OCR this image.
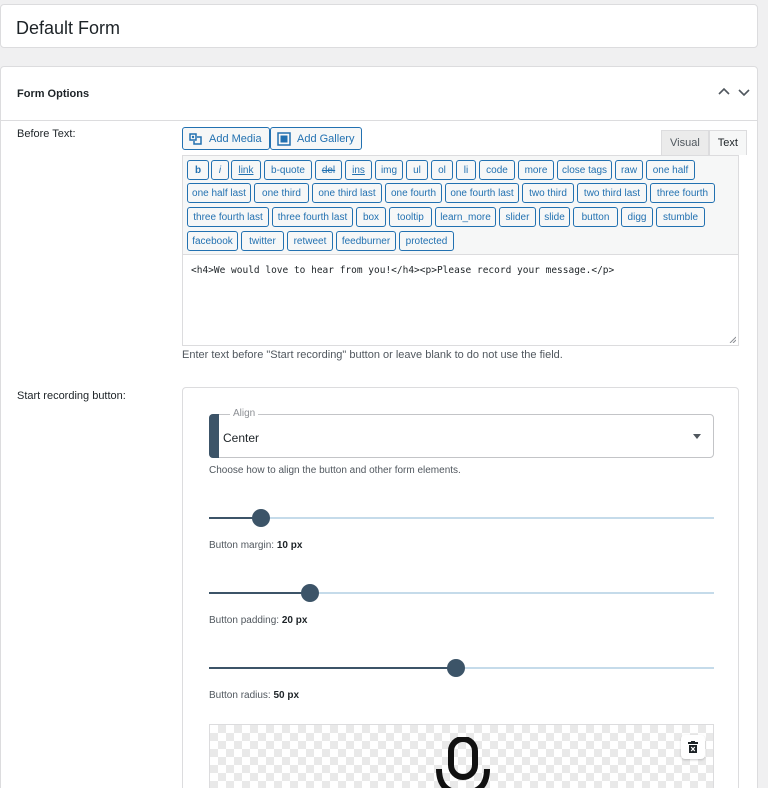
Default Form
Form Options
Before Text:	Add Media	Add Gallery	Visual	Text
b	i	link	b-quote	del	ins	img	ul	ol	li	code	more	close tags	raw	one half
one half last	one third	one third last	one fourth	one fourth last	two third	two third last	three fourth
three fourth last	three fourth last	box	tooltip	learn_more	slider	slide	button	digg	stumble
facebook	twitter	retweet	feedburner	protected
<h4>We would love to hear from you!</h4><p>Please record your message.</p>
Enter text before "Start recording" button or leave blank to do not use the field.
Start recording button:
Align
Center
Choose how to align the button and other form elements.
Button margin: 10 px
Button padding: 20 px
Button radius: 50 px
